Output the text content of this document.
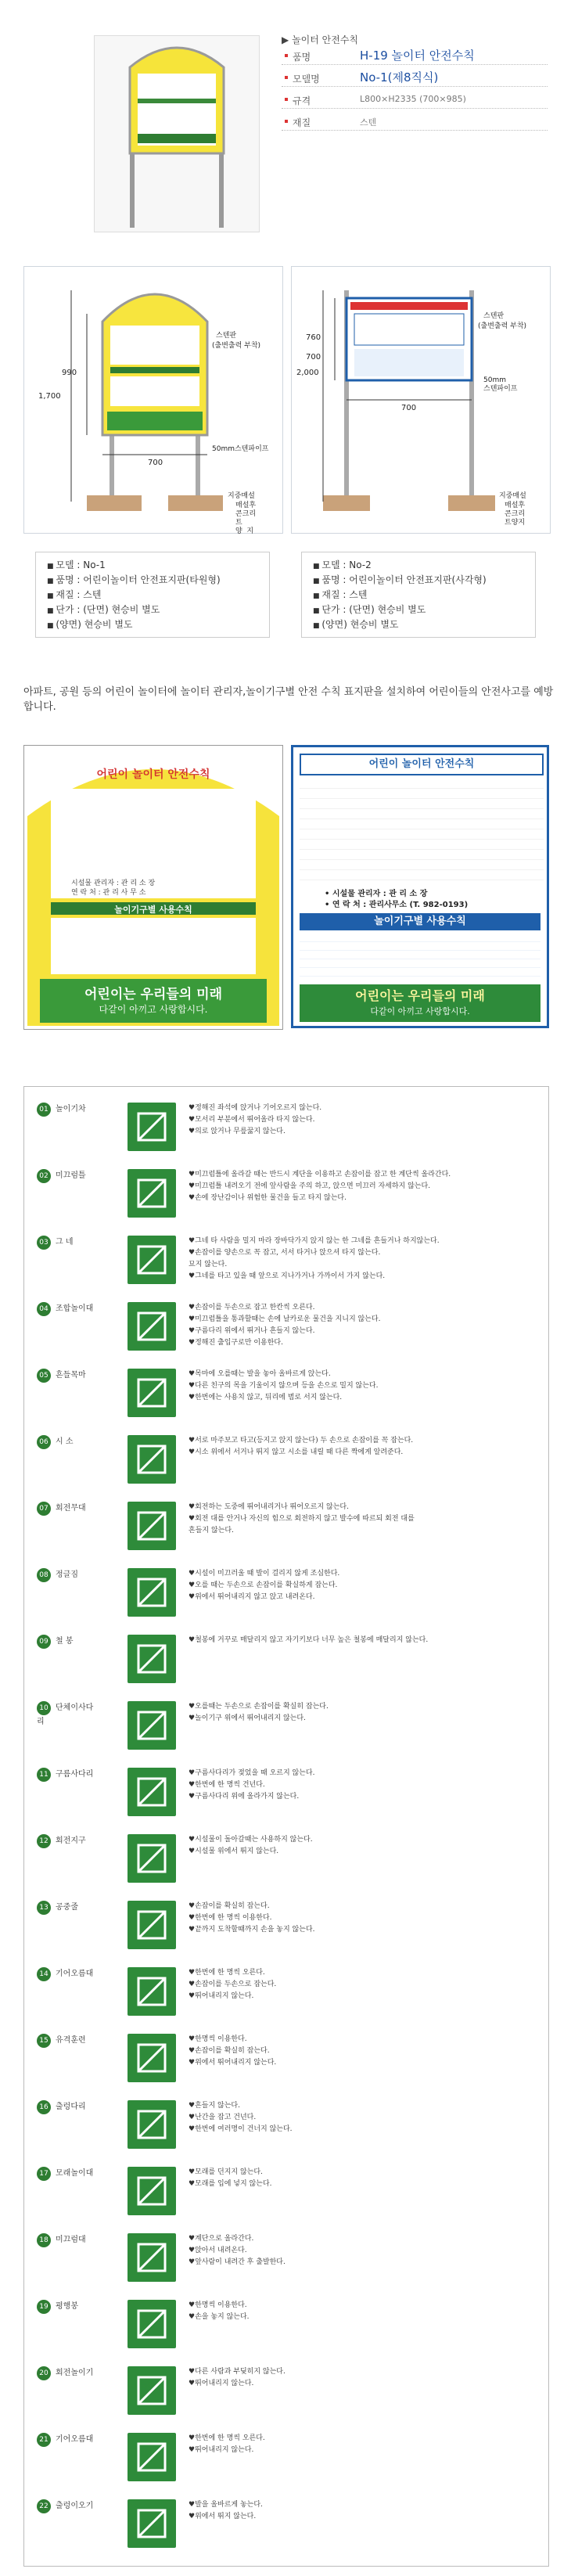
▶ 놀이터 안전수칙
품명	H-19 놀이터 안전수칙
모델명	No-1(제8직식)
규격	L800×H2335 (700×985)
재질	스텐
1,700
990
700
스텐판
(출변출력 부착)
50mm스텐파이프
지중매설
매설후
콘크리
트
양  지
2,000
700
760
700
스텐판
(출변출력 부착)
50mm
스텐파이프
지중매설
매설후
콘크리
트양지
■ 모델 : No-1
■ 품명 : 어린이놀이터 안전표지판(타원형)
■ 재질 : 스텐
■ 단가 : (단면) 현승비 별도
■ (양면) 현승비 별도
■ 모델 : No-2
■ 품명 : 어린이놀이터 안전표지판(사각형)
■ 재질 : 스텐
■ 단가 : (단면) 현승비 별도
■ (양면) 현승비 별도
아파트, 공원 등의 어린이 놀이터에 놀이터 관리자,놀이기구별 안전 수칙 표지판을 설치하여 어린이들의 안전사고를 예방합니다.
어린이 놀이터 안전수칙
시설물 관리자 : 관 리 소 장
연 락 처 : 관 리 사 무 소
놀이기구별 사용수칙
어린이는 우리들의 미래
다같이 아끼고 사랑합시다.
어린이 놀이터 안전수칙
• 시설물 관리자 : 관 리 소 장
• 연 락 처 : 관리사무소 (T. 982-0193)
놀이기구별 사용수칙
어린이는 우리들의 미래
다같이 아끼고 사랑합시다.
01 놀이기차	♥정해진 좌석에 앉거나 기어오르지 않는다.
♥모서리 부분에서 뛰어올라 타지 않는다.
♥의로 앉거나 무릎꿇지 않는다.
02 미끄럼틀	♥미끄럼틀에 올라갈 때는 반드시 계단을 이용하고 손잡이를 잡고 한 계단씩 올라간다.
♥미끄럼틀 내려오기 전에 앞사람을 주의 하고, 앉으면 미끄러 자세하지 않는다.
♥손에 장난감이나 위험한 물건을 들고 타지 않는다.
03 그 네	♥그네 타 사람을 밀지 마라 장바닥가지 앉지 않는 한 그네를 흔들거나 하지않는다.
♥손잡이를 양손으로 꼭 잡고, 서서 타거나 앉으셔 타지 않는다.
묘지 않는다.
♥그네를 타고 있을 때 앞으로 지나가거나 가까이서 가지 않는다.
04 조합놀이대	♥손잡이를 두손으로 잡고 한칸씩 오른다.
♥미끄럼틀을 통과할때는 손에 날카로운 물건을 지니지 않는다.
♥구름다리 위에서 뛰거나 흔들지 않는다.
♥정해진 출입구로만 이용한다.
05 흔들목마	♥목마에 오를때는 발을 놓아 올바르게 앉는다.
♥다른 친구의 목을 기울이지 않으며 등을 손으로 밀지 않는다.
♥한번에는 사용치 않고, 뒤리에 범로 서지 않는다.
06 시 소	♥서로 마주보고 타고(등지고 앉지 않는다) 두 손으로 손잡이를 꼭 잡는다.
♥시소 위에서 서거나 뛰지 않고 시소를 내릴 때 다른 짝에게 알려준다.
07 회전무대	♥회전하는 도중에 뛰어내리거나 뛰어오르지 않는다.
♥회전 대를 안거나 자신의 힘으로 회전하지 않고 발수에 따르되 회전 대를
흔들지 않는다.
08 정글짐	♥시설이 미끄러울 때 발이 걸리지 않게 조심한다.
♥오를 때는 두손으로 손잡이를 확실하게 잡는다.
♥위에서 뛰어내리지 않고 앉고 내려온다.
09 철 봉	♥철봉에 거꾸로 매달리지 않고 자기키보다 너무 높은 철봉에 매달리지 않는다.
10 단체이사다리
♥오를때는 두손으로 손잡이를 확실히 잡는다.
♥놀이기구 위에서 뛰어내리지 않는다.
11 구름사다리	♥구름사다리가 젖었을 때 오르지 않는다.
♥한번에 한 명씩 건넌다.
♥구름사다리 위에 올라가지 않는다.
12 회전지구	♥시설물이 돌아갈때는 사용하지 않는다.
♥시설물 위에서 뛰지 않는다.
13 공중줄	♥손잡이를 확실히 잡는다.
♥한번에 한 명씩 이용한다.
♥끝까지 도착할때까지 손을 놓지 않는다.
14 기어오름대	♥한번에 한 명씩 오른다.
♥손잡이를 두손으로 잡는다.
♥뛰어내리지 않는다.
15 유격훈련	♥한명씩 이용한다.
♥손잡이를 확실히 잡는다.
♥위에서 뛰어내리지 않는다.
16 출렁다리	♥흔들지 않는다.
♥난간을 잡고 건넌다.
♥한번에 여러명이 건너지 않는다.
17 모래놀이대	♥모래를 던지지 않는다.
♥모래를 입에 넣지 않는다.
18 미끄럼대	♥계단으로 올라간다.
♥앉아서 내려온다.
♥앞사람이 내려간 후 출발한다.
19 평행봉	♥한명씩 이용한다.
♥손을 놓지 않는다.
20 회전놀이기	♥다른 사람과 부딪히지 않는다.
♥뛰어내리지 않는다.
21 기어오름대	♥한번에 한 명씩 오른다.
♥뛰어내리지 않는다.
22 출렁이오기	♥발을 올바르게 놓는다.
♥위에서 뛰지 않는다.
